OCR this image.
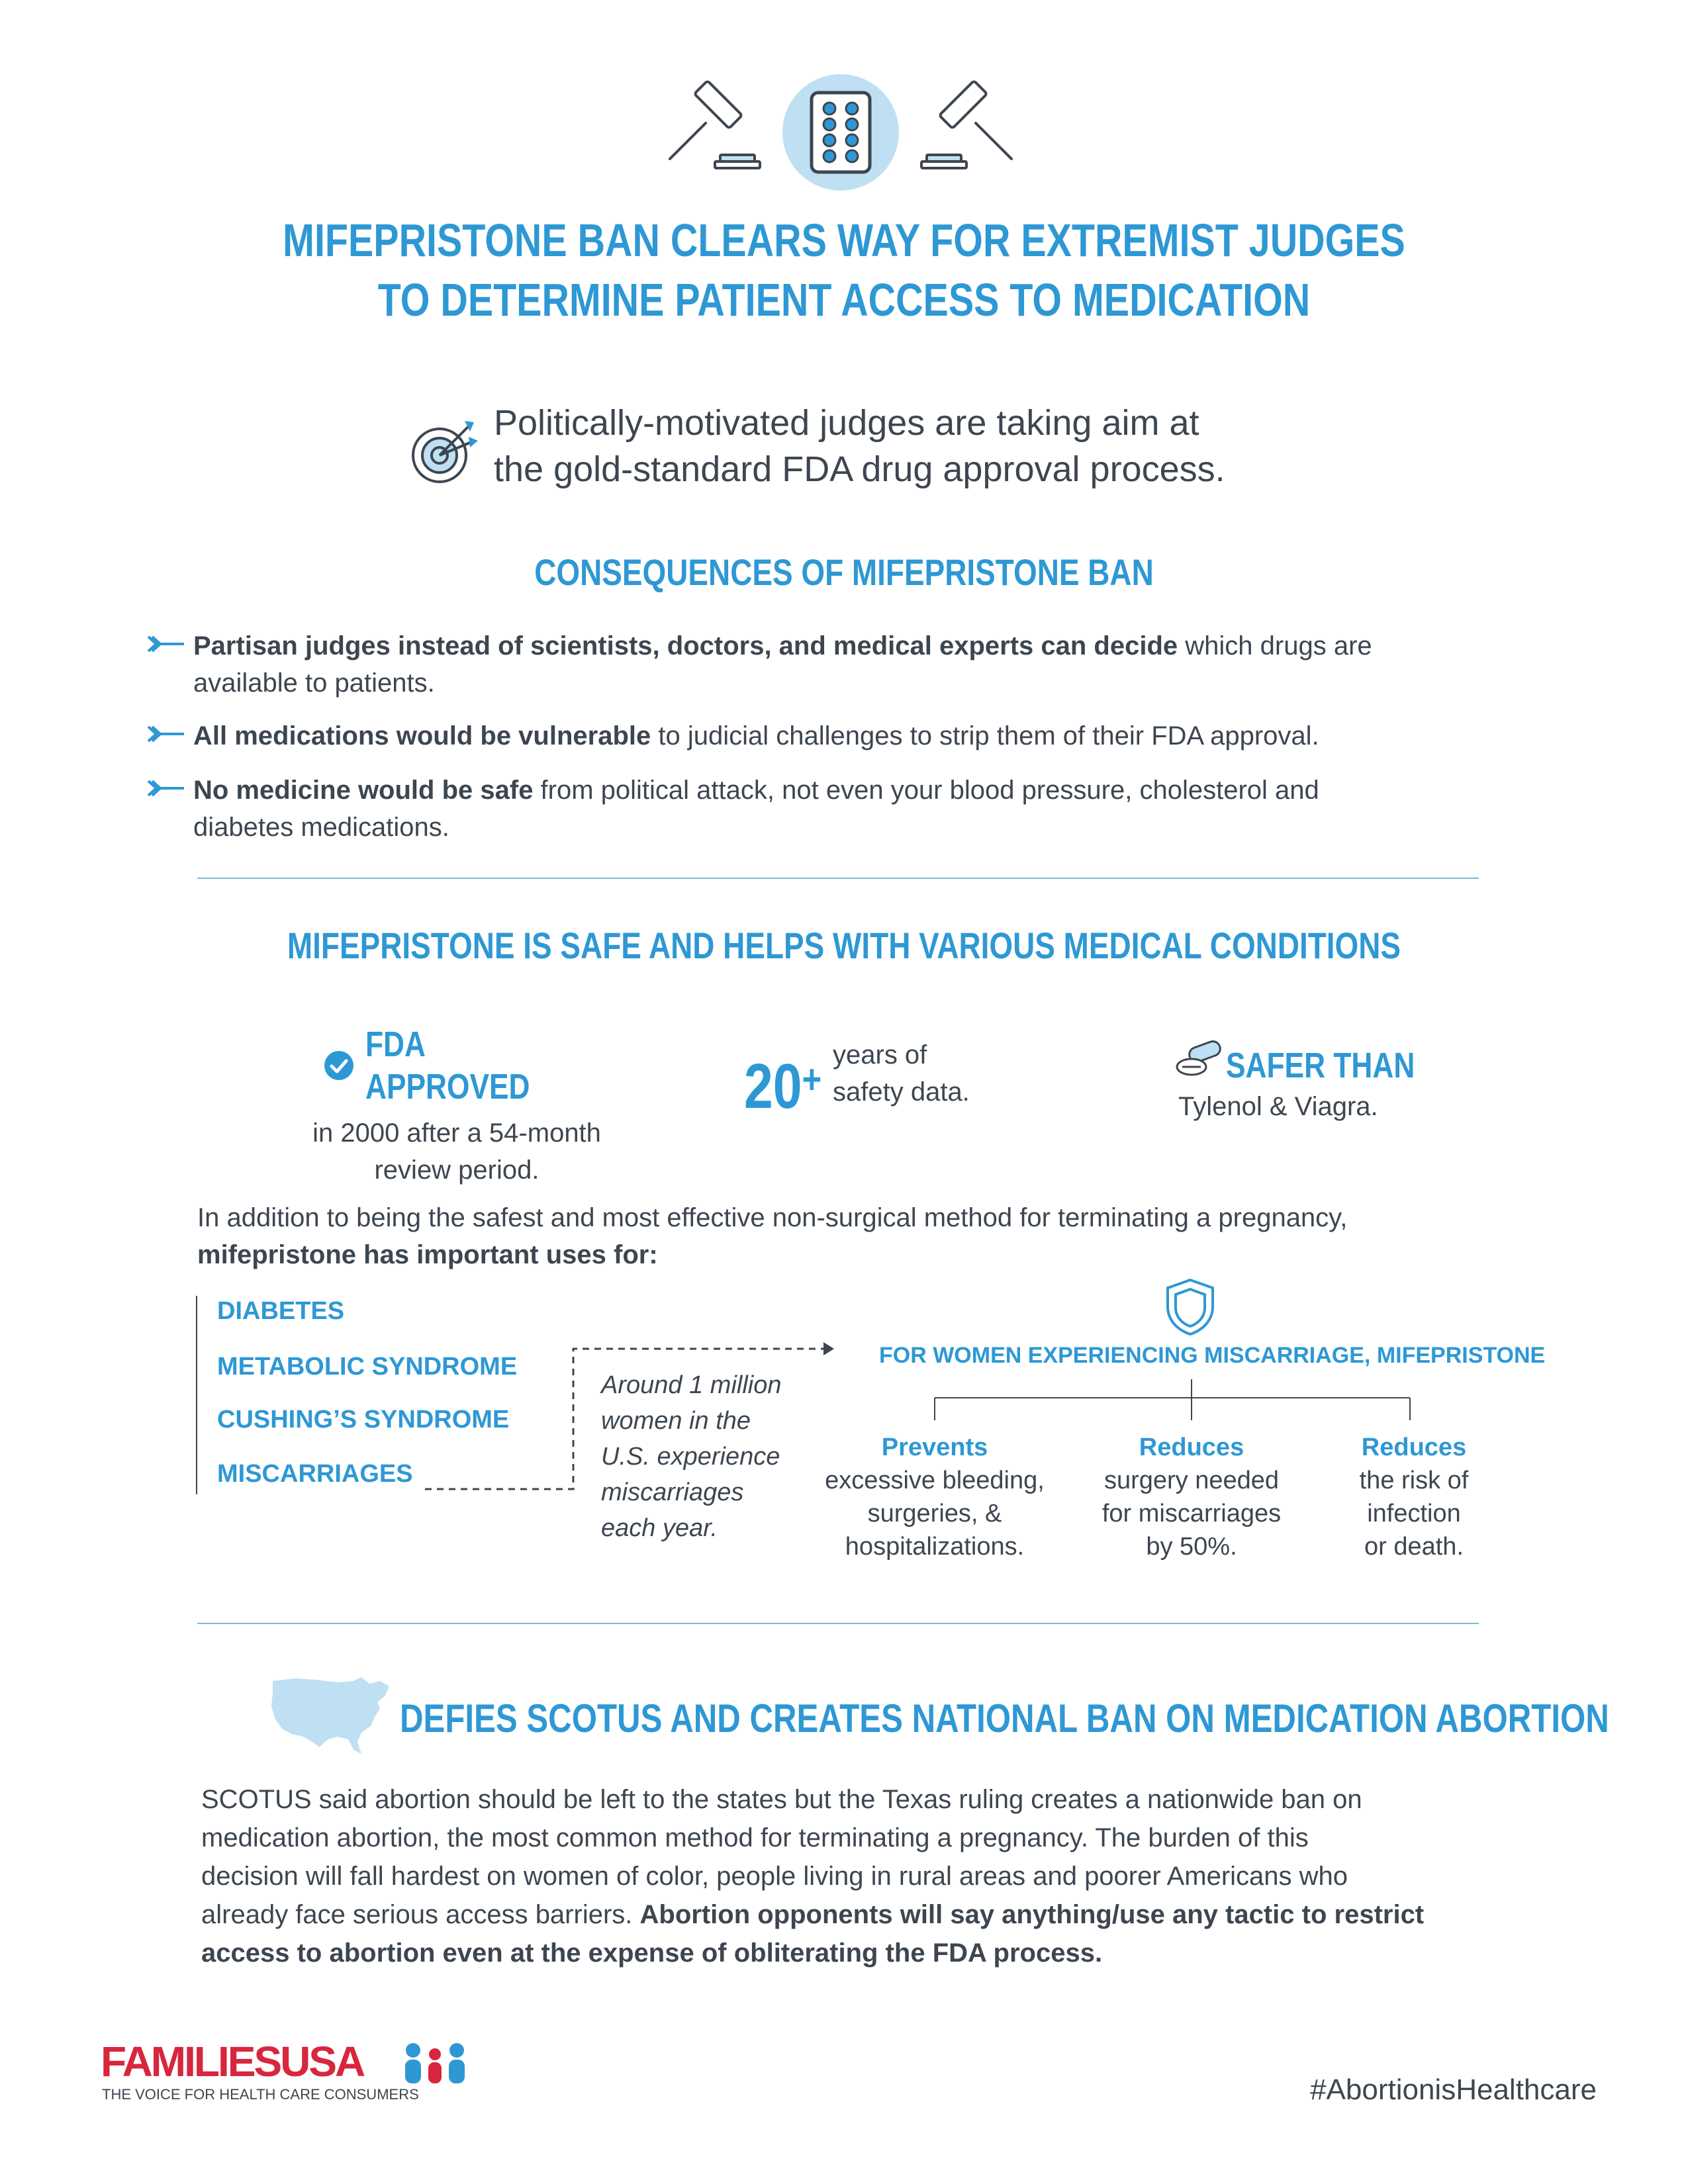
MIFEPRISTONE BAN CLEARS WAY FOR EXTREMIST JUDGES
TO DETERMINE PATIENT ACCESS TO MEDICATION
Politically-motivated judges are taking aim at
the gold-standard FDA drug approval process.
CONSEQUENCES OF MIFEPRISTONE BAN
Partisan judges instead of scientists, doctors, and medical experts can decide which drugs are
available to patients.
All medications would be vulnerable to judicial challenges to strip them of their FDA approval.
No medicine would be safe from political attack, not even your blood pressure, cholesterol and
diabetes medications.
MIFEPRISTONE IS SAFE AND HELPS WITH VARIOUS MEDICAL CONDITIONS
FDA APPROVED
in 2000 after a 54-month
review period.
20+
years of
safety data.
SAFER THAN
Tylenol & Viagra.
In addition to being the safest and most effective non-surgical method for terminating a pregnancy,
mifepristone has important uses for:
DIABETES
METABOLIC SYNDROME
CUSHING’S SYNDROME
MISCARRIAGES
Around 1 million
women in the
U.S. experience
miscarriages
each year.
FOR WOMEN EXPERIENCING MISCARRIAGE, MIFEPRISTONE
Prevents
excessive bleeding,
surgeries, &
hospitalizations.
Reduces
surgery needed
for miscarriages
by 50%.
Reduces
the risk of
infection
or death.
DEFIES SCOTUS AND CREATES NATIONAL BAN ON MEDICATION ABORTION
SCOTUS said abortion should be left to the states but the Texas ruling creates a nationwide ban on
medication abortion, the most common method for terminating a pregnancy. The burden of this
decision will fall hardest on women of color, people living in rural areas and poorer Americans who
already face serious access barriers. Abortion opponents will say anything/use any tactic to restrict
access to abortion even at the expense of obliterating the FDA process.
FAMILIESUSA
THE VOICE FOR HEALTH CARE CONSUMERS	#AbortionisHealthcare
